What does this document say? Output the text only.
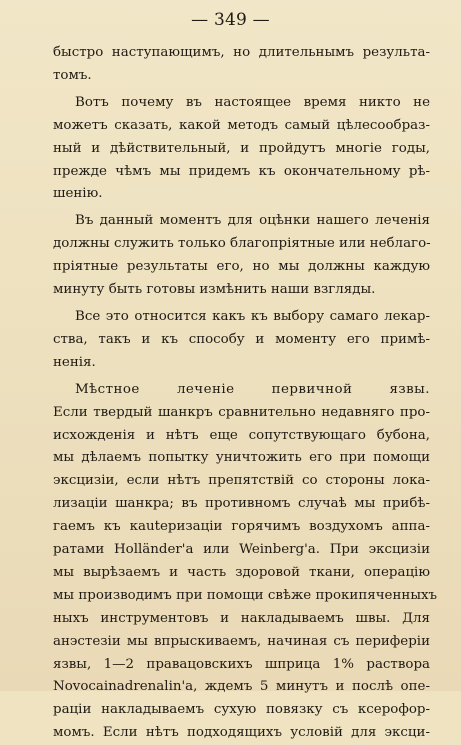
— 349 —
быстро наступающимъ, но длительнымъ результа-
томъ.
Вотъ почему въ настоящее время никто не
можетъ сказать, какой методъ самый цѣлесообраз-
ный и дѣйствительный, и пройдутъ многіе годы,
прежде чѣмъ мы придемъ къ окончательному рѣ-
шенію.
Въ данный моментъ для оцѣнки нашего леченія
должны служить только благопріятные или неблаго-
пріятные результаты его, но мы должны каждую
минуту быть готовы измѣнить наши взгляды.
Все это относится какъ къ выбору самаго лекар-
ства, такъ и къ способу и моменту его примѣ-
ненія.
Мѣстное леченіе первичной язвы.
Если твердый шанкръ сравнительно недавняго про-
исхожденія и нѣтъ еще сопутствующаго бубона,
мы дѣлаемъ попытку уничтожить его при помощи
эксцизіи, если нѣтъ препятствій со стороны лока-
лизаціи шанкра; въ противномъ случаѣ мы прибѣ-
гаемъ къ кautеризаціи горячимъ воздухомъ аппа-
ратами Holländer'a или Weinberg'a. При эксцизіи
мы вырѣзаемъ и часть здоровой ткани, операцію
мы производимъ при помощи свѣже прокипяченныхъ
ныхъ инструментовъ и накладываемъ швы. Для
анэстезіи мы впрыскиваемъ, начиная съ периферіи
язвы, 1—2 правацовскихъ шприца 1% раствора
Novocainadrenalin'a, ждемъ 5 минутъ и послѣ опе-
раціи накладываемъ сухую повязку съ ксерофор-
момъ. Если нѣтъ подходящихъ условій для эксци-
